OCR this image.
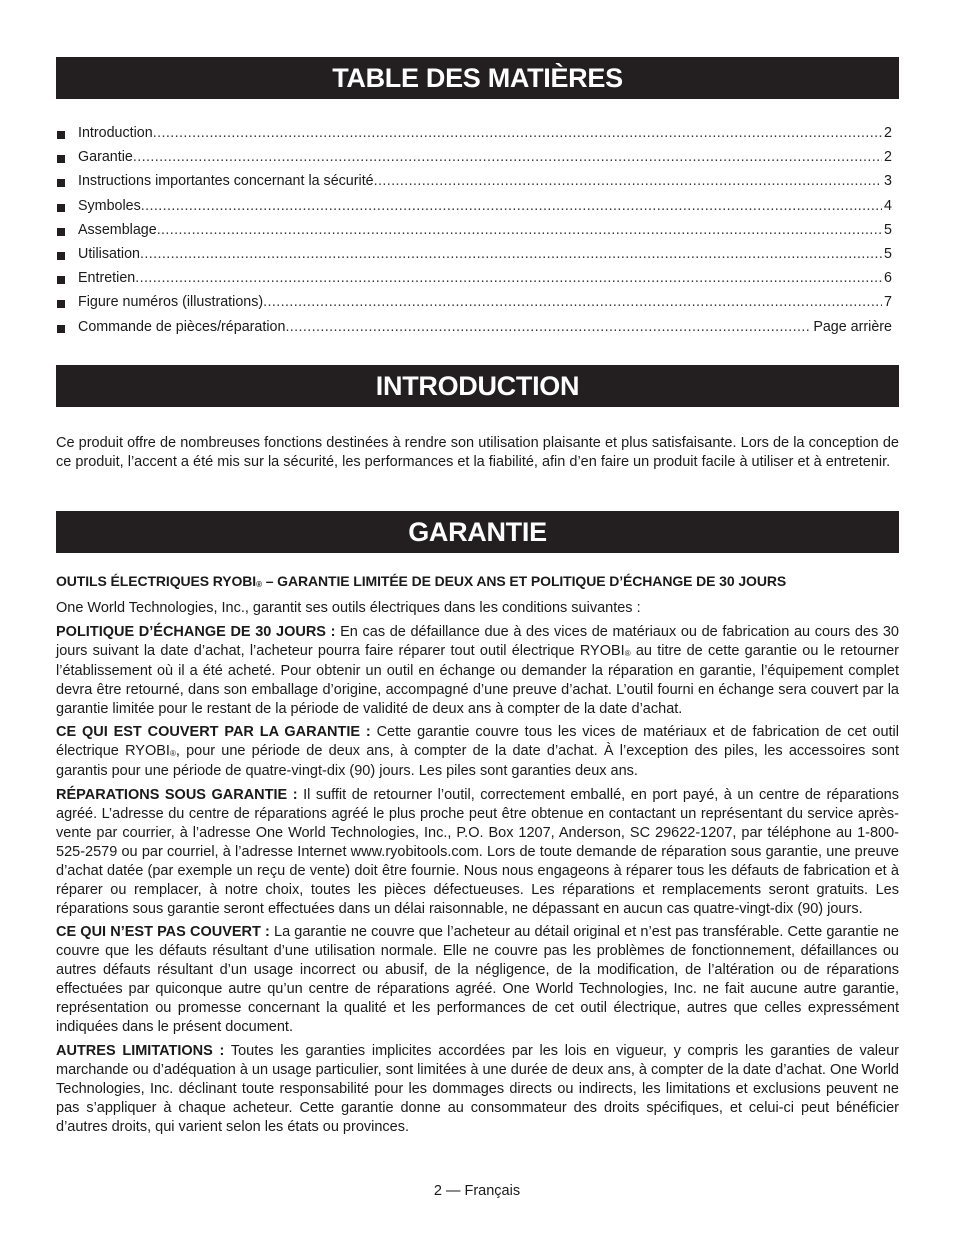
TABLE DES MATIÈRES
Introduction .....	2
Garantie .....	2
Instructions importantes concernant la sécurité .....	3
Symboles .....	4
Assemblage .....	5
Utilisation .....	5
Entretien .....	6
Figure numéros (illustrations) .....	7
Commande de pièces/réparation .....	Page arrière
INTRODUCTION

Ce produit offre de nombreuses fonctions destinées à rendre son utilisation plaisante et plus satisfaisante. Lors de la conception de ce produit, l’accent a été mis sur la sécurité, les performances et la fiabilité, afin d’en faire un produit facile à utiliser et à entretenir.

GARANTIE

OUTILS ÉLECTRIQUES RYOBI® – GARANTIE LIMITÉE DE DEUX ANS ET POLITIQUE D’ÉCHANGE DE 30 JOURS

One World Technologies, Inc., garantit ses outils électriques dans les conditions suivantes :

POLITIQUE D’ÉCHANGE DE 30 JOURS : En cas de défaillance due à des vices de matériaux ou de fabrication au cours des 30 jours suivant la date d’achat, l’acheteur pourra faire réparer tout outil électrique RYOBI® au titre de cette garantie ou le retourner l’établissement où il a été acheté. Pour obtenir un outil en échange ou demander la réparation en garantie, l’équipement complet devra être retourné, dans son emballage d’origine, accompagné d’une preuve d’achat. L’outil fourni en échange sera couvert par la garantie limitée pour le restant de la période de validité de deux ans à compter de la date d’achat.

CE QUI EST COUVERT PAR LA GARANTIE : Cette garantie couvre tous les vices de matériaux et de fabrication de cet outil électrique RYOBI®, pour une période de deux ans, à compter de la date d’achat. À l’exception des piles, les accessoires sont garantis pour une période de quatre-vingt-dix (90) jours. Les piles sont garanties deux ans.

RÉPARATIONS SOUS GARANTIE : Il suffit de retourner l’outil, correctement emballé, en port payé, à un centre de réparations agréé. L’adresse du centre de réparations agréé le plus proche peut être obtenue en contactant un représentant du service après-vente par courrier, à l’adresse One World Technologies, Inc., P.O. Box 1207, Anderson, SC 29622-1207, par téléphone au 1-800-525-2579 ou par courriel, à l’adresse Internet www.ryobitools.com. Lors de toute demande de réparation sous garantie, une preuve d’achat datée (par exemple un reçu de vente) doit être fournie. Nous nous engageons à réparer tous les défauts de fabrication et à réparer ou remplacer, à notre choix, toutes les pièces défectueuses. Les réparations et remplacements seront gratuits. Les réparations sous garantie seront effectuées dans un délai raisonnable, ne dépassant en aucun cas quatre-vingt-dix (90) jours.

CE QUI N’EST PAS COUVERT : La garantie ne couvre que l’acheteur au détail original et n’est pas transférable. Cette garantie ne couvre que les défauts résultant d’une utilisation normale. Elle ne couvre pas les problèmes de fonctionnement, défaillances ou autres défauts résultant d’un usage incorrect ou abusif, de la négligence, de la modification, de l’altération ou de réparations effectuées par quiconque autre qu’un centre de réparations agréé. One World Technologies, Inc. ne fait aucune autre garantie, représentation ou promesse concernant la qualité et les performances de cet outil électrique, autres que celles expressément indiquées dans le présent document.

AUTRES LIMITATIONS : Toutes les garanties implicites accordées par les lois en vigueur, y compris les garanties de valeur marchande ou d’adéquation à un usage particulier, sont limitées à une durée de deux ans, à compter de la date d’achat. One World Technologies, Inc. déclinant toute responsabilité pour les dommages directs ou indirects, les limitations et exclusions peuvent ne pas s’appliquer à chaque acheteur. Cette garantie donne au consommateur des droits spécifiques, et celui-ci peut bénéficier d’autres droits, qui varient selon les états ou provinces.

2 — Français
